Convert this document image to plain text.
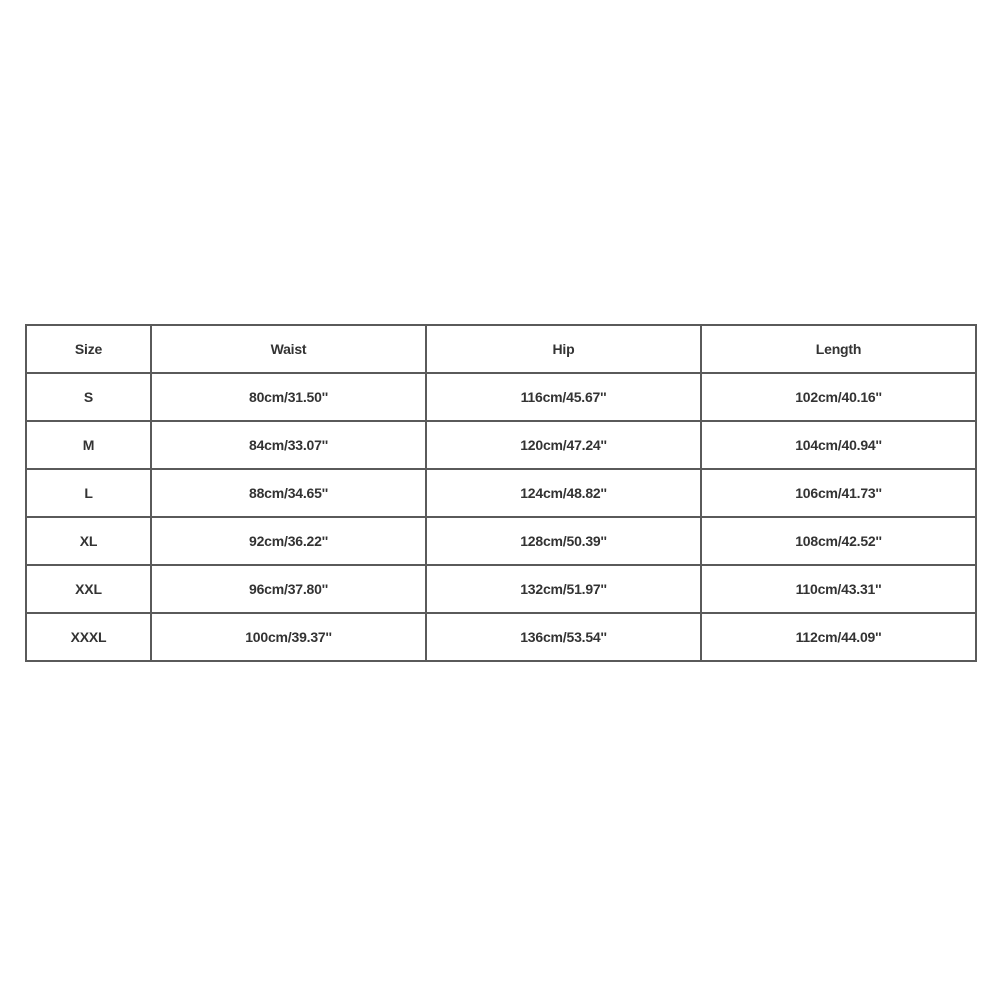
Size	Waist	Hip	Length
S	80cm/31.50''	116cm/45.67''	102cm/40.16''
M	84cm/33.07''	120cm/47.24''	104cm/40.94''
L	88cm/34.65''	124cm/48.82''	106cm/41.73''
XL	92cm/36.22''	128cm/50.39''	108cm/42.52''
XXL	96cm/37.80''	132cm/51.97''	110cm/43.31''
XXXL	100cm/39.37''	136cm/53.54''	112cm/44.09''
